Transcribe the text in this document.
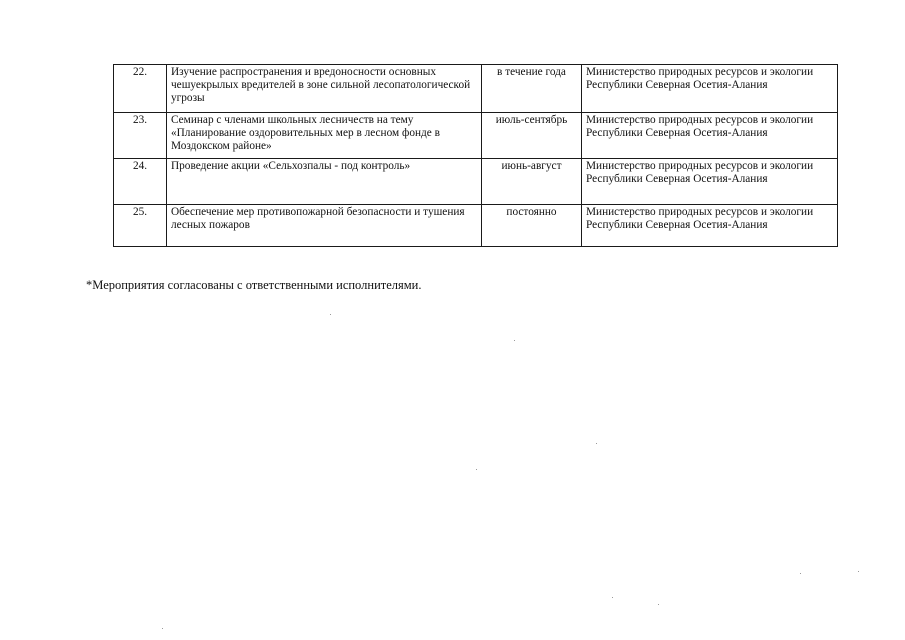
22.	Изучение распространения и вредоносности основных чешуекрылых вредителей в зоне сильной лесопатологической угрозы	в течение года	Министерство природных ресурсов и экологии Республики Северная Осетия-Алания
23.	Семинар с членами школьных лесничеств на тему «Планирование оздоровительных мер в лесном фонде в Моздокском районе»	июль-сентябрь	Министерство природных ресурсов и экологии Республики Северная Осетия-Алания
24.	Проведение акции «Сельхозпалы - под контроль»	июнь-август	Министерство природных ресурсов и экологии Республики Северная Осетия-Алания
25.	Обеспечение мер противопожарной безопасности и тушения лесных пожаров	постоянно	Министерство природных ресурсов и экологии Республики Северная Осетия-Алания
*Мероприятия согласованы с ответственными исполнителями.
